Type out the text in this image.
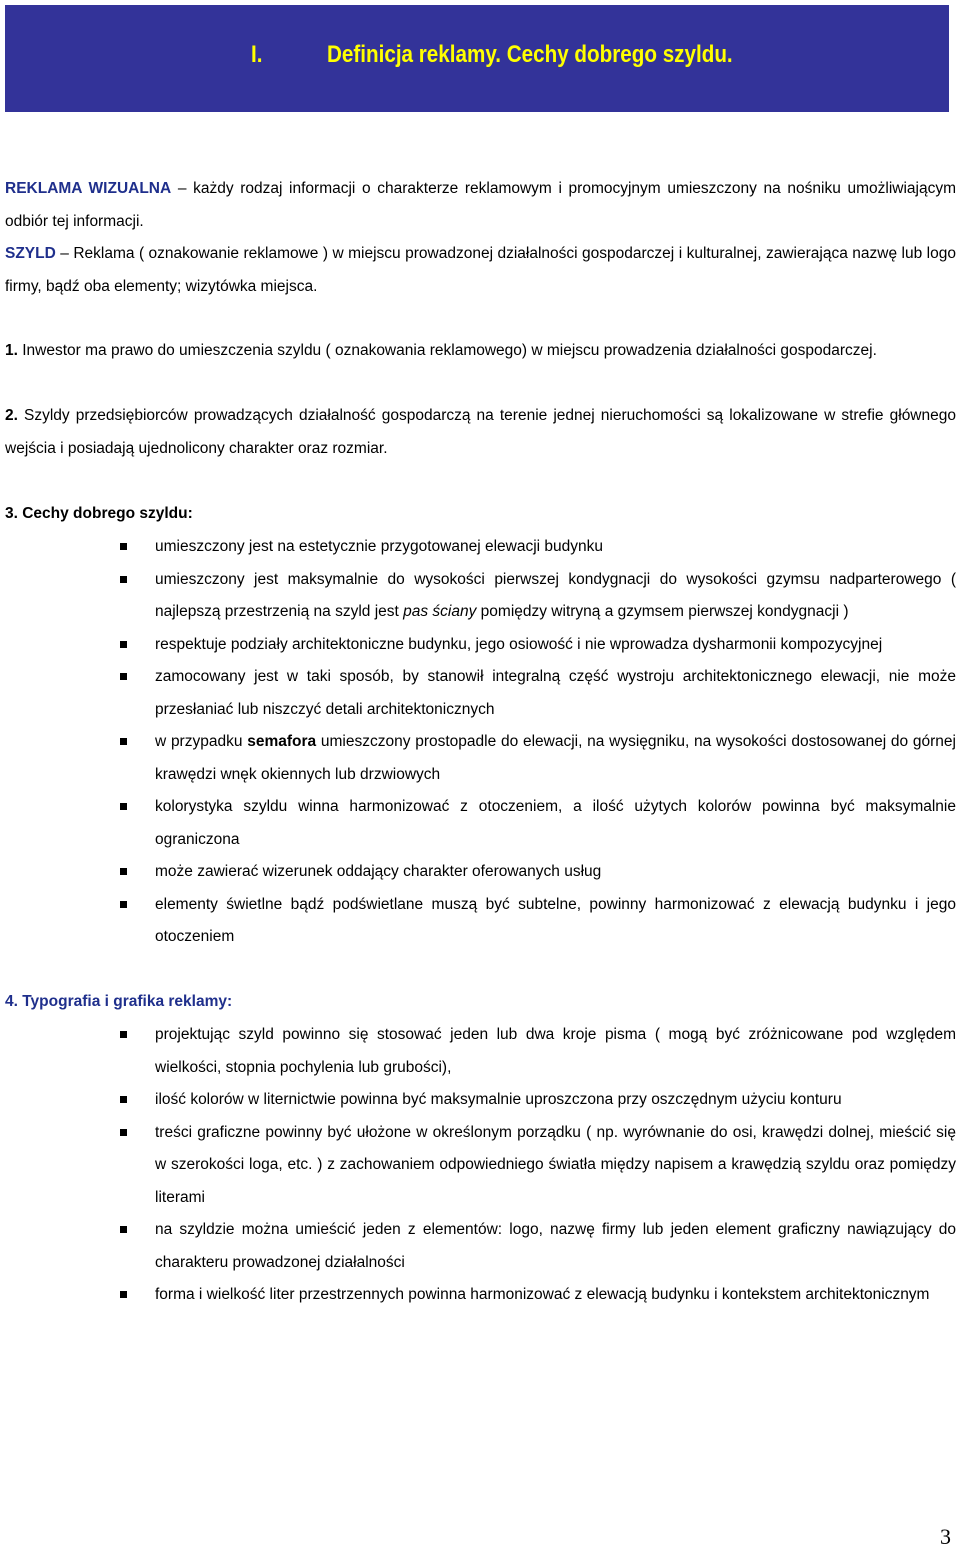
I.	Definicja reklamy. Cechy dobrego szyldu.

REKLAMA WIZUALNA – każdy rodzaj informacji o charakterze reklamowym i promocyjnym umieszczony na nośniku umożliwiającym odbiór tej informacji.

SZYLD – Reklama ( oznakowanie reklamowe ) w miejscu prowadzonej działalności gospodarczej i kulturalnej, zawierająca nazwę lub logo firmy, bądź oba elementy; wizytówka miejsca.

1. Inwestor ma prawo do umieszczenia szyldu ( oznakowania reklamowego) w miejscu prowadzenia działalności gospodarczej.

2. Szyldy przedsiębiorców prowadzących działalność gospodarczą na terenie jednej nieruchomości są lokalizowane w strefie głównego wejścia i posiadają ujednolicony charakter oraz rozmiar.

3. Cechy dobrego szyldu:

umieszczony jest na estetycznie przygotowanej elewacji budynku
umieszczony jest maksymalnie do wysokości pierwszej kondygnacji do wysokości gzymsu nadparterowego ( najlepszą przestrzenią na szyld jest pas ściany pomiędzy witryną a gzymsem pierwszej kondygnacji )
respektuje podziały architektoniczne budynku, jego osiowość i nie wprowadza dysharmonii kompozycyjnej
zamocowany jest w taki sposób, by stanowił integralną część wystroju architektonicznego elewacji, nie może przesłaniać lub niszczyć detali architektonicznych
w przypadku semafora umieszczony prostopadle do elewacji, na wysięgniku, na wysokości dostosowanej do górnej krawędzi wnęk okiennych lub drzwiowych
kolorystyka szyldu winna harmonizować z otoczeniem, a ilość użytych kolorów powinna być maksymalnie ograniczona
może zawierać wizerunek oddający charakter oferowanych usług
elementy świetlne bądź podświetlane muszą być subtelne, powinny harmonizować z elewacją budynku i jego otoczeniem

4. Typografia i grafika reklamy:

projektując szyld powinno się stosować jeden lub dwa kroje pisma ( mogą być zróżnicowane pod względem wielkości, stopnia pochylenia lub grubości),
ilość kolorów w liternictwie powinna być maksymalnie uproszczona przy oszczędnym użyciu konturu
treści graficzne powinny być ułożone w określonym porządku ( np. wyrównanie do osi, krawędzi dolnej, mieścić się w szerokości loga, etc. ) z zachowaniem odpowiedniego światła między napisem a krawędzią szyldu oraz pomiędzy literami
na szyldzie można umieścić jeden z elementów: logo, nazwę firmy lub jeden element graficzny nawiązujący do charakteru prowadzonej działalności
forma i wielkość liter przestrzennych powinna harmonizować z elewacją budynku i kontekstem architektonicznym
3
